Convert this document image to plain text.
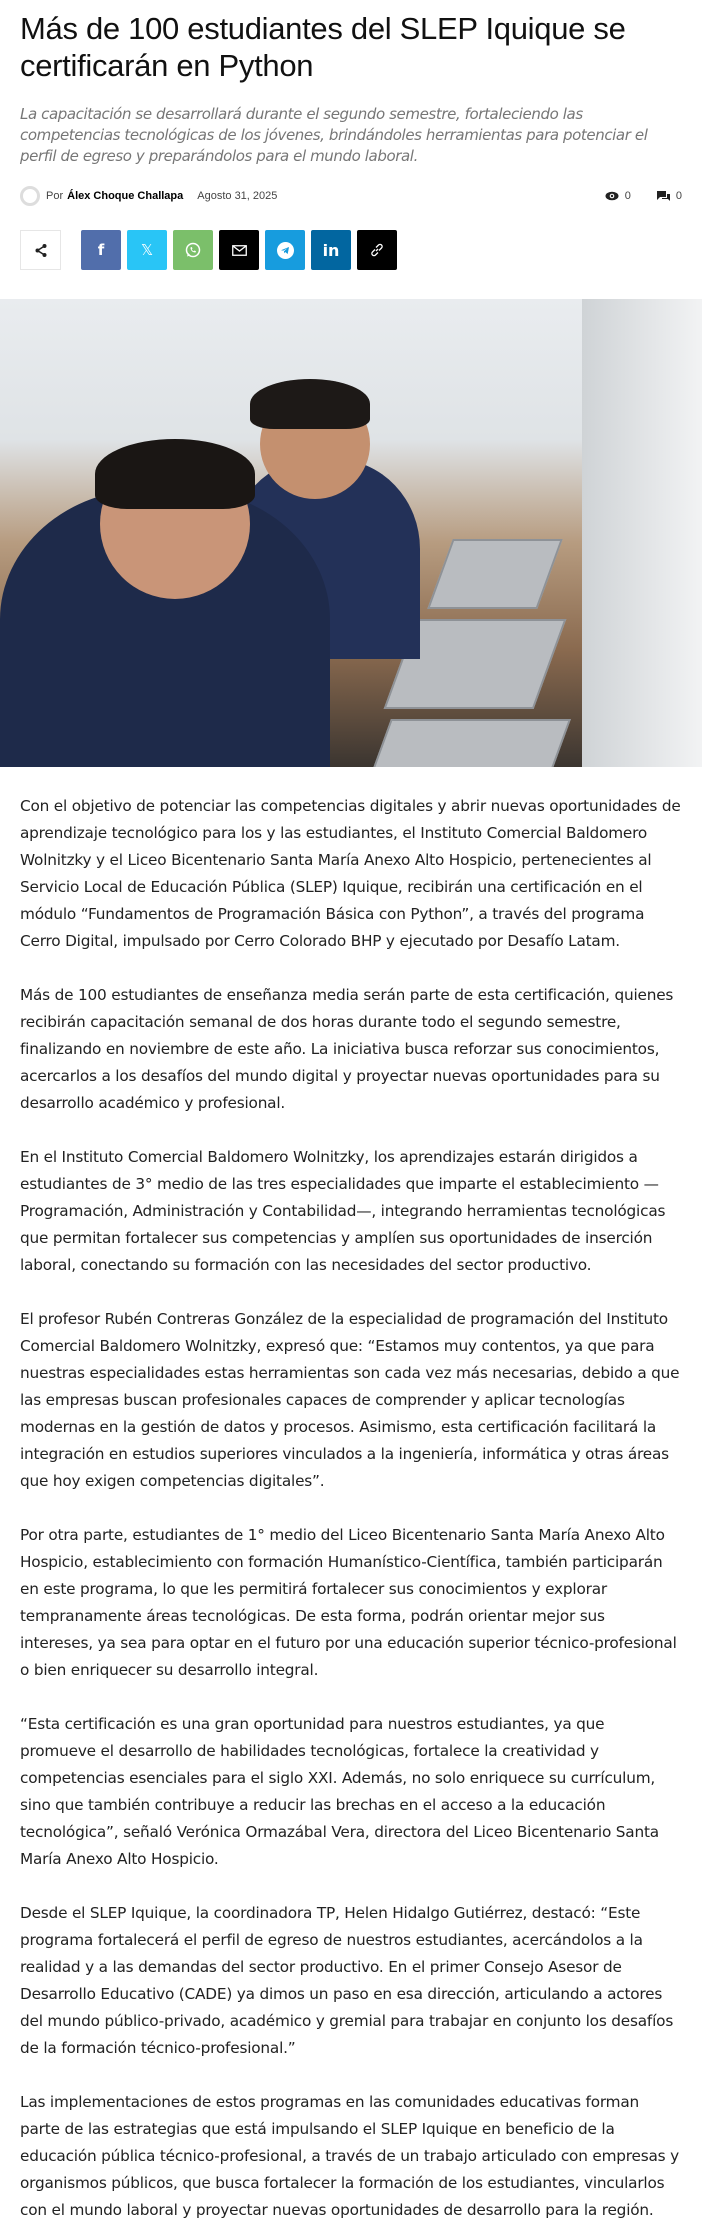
Más de 100 estudiantes del SLEP Iquique se certificarán en Python

La capacitación se desarrollará durante el segundo semestre, fortaleciendo las competencias tecnológicas de los jóvenes, brindándoles herramientas para potenciar el perfil de egreso y preparándolos para el mundo laboral.

Por Álex Choque Challapa Agosto 31, 2025	0	0
f 𝕏	in

Con el objetivo de potenciar las competencias digitales y abrir nuevas oportunidades de aprendizaje tecnológico para los y las estudiantes, el Instituto Comercial Baldomero Wolnitzky y el Liceo Bicentenario Santa María Anexo Alto Hospicio, pertenecientes al Servicio Local de Educación Pública (SLEP) Iquique, recibirán una certificación en el módulo “Fundamentos de Programación Básica con Python”, a través del programa Cerro Digital, impulsado por Cerro Colorado BHP y ejecutado por Desafío Latam.

Más de 100 estudiantes de enseñanza media serán parte de esta certificación, quienes recibirán capacitación semanal de dos horas durante todo el segundo semestre, finalizando en noviembre de este año. La iniciativa busca reforzar sus conocimientos, acercarlos a los desafíos del mundo digital y proyectar nuevas oportunidades para su desarrollo académico y profesional.

En el Instituto Comercial Baldomero Wolnitzky, los aprendizajes estarán dirigidos a estudiantes de 3° medio de las tres especialidades que imparte el establecimiento —Programación, Administración y Contabilidad—, integrando herramientas tecnológicas que permitan fortalecer sus competencias y amplíen sus oportunidades de inserción laboral, conectando su formación con las necesidades del sector productivo.

El profesor Rubén Contreras González de la especialidad de programación del Instituto Comercial Baldomero Wolnitzky, expresó que: “Estamos muy contentos, ya que para nuestras especialidades estas herramientas son cada vez más necesarias, debido a que las empresas buscan profesionales capaces de comprender y aplicar tecnologías modernas en la gestión de datos y procesos. Asimismo, esta certificación facilitará la integración en estudios superiores vinculados a la ingeniería, informática y otras áreas que hoy exigen competencias digitales”.

Por otra parte, estudiantes de 1° medio del Liceo Bicentenario Santa María Anexo Alto Hospicio, establecimiento con formación Humanístico-Científica, también participarán en este programa, lo que les permitirá fortalecer sus conocimientos y explorar tempranamente áreas tecnológicas. De esta forma, podrán orientar mejor sus intereses, ya sea para optar en el futuro por una educación superior técnico-profesional o bien enriquecer su desarrollo integral.

“Esta certificación es una gran oportunidad para nuestros estudiantes, ya que promueve el desarrollo de habilidades tecnológicas, fortalece la creatividad y competencias esenciales para el siglo XXI. Además, no solo enriquece su currículum, sino que también contribuye a reducir las brechas en el acceso a la educación tecnológica”, señaló Verónica Ormazábal Vera, directora del Liceo Bicentenario Santa María Anexo Alto Hospicio.

Desde el SLEP Iquique, la coordinadora TP, Helen Hidalgo Gutiérrez, destacó: “Este programa fortalecerá el perfil de egreso de nuestros estudiantes, acercándolos a la realidad y a las demandas del sector productivo. En el primer Consejo Asesor de Desarrollo Educativo (CADE) ya dimos un paso en esa dirección, articulando a actores del mundo público-privado, académico y gremial para trabajar en conjunto los desafíos de la formación técnico-profesional.”

Las implementaciones de estos programas en las comunidades educativas forman parte de las estrategias que está impulsando el SLEP Iquique en beneficio de la educación pública técnico-profesional, a través de un trabajo articulado con empresas y organismos públicos, que busca fortalecer la formación de los estudiantes, vincularlos con el mundo laboral y proyectar nuevas oportunidades de desarrollo para la región.
